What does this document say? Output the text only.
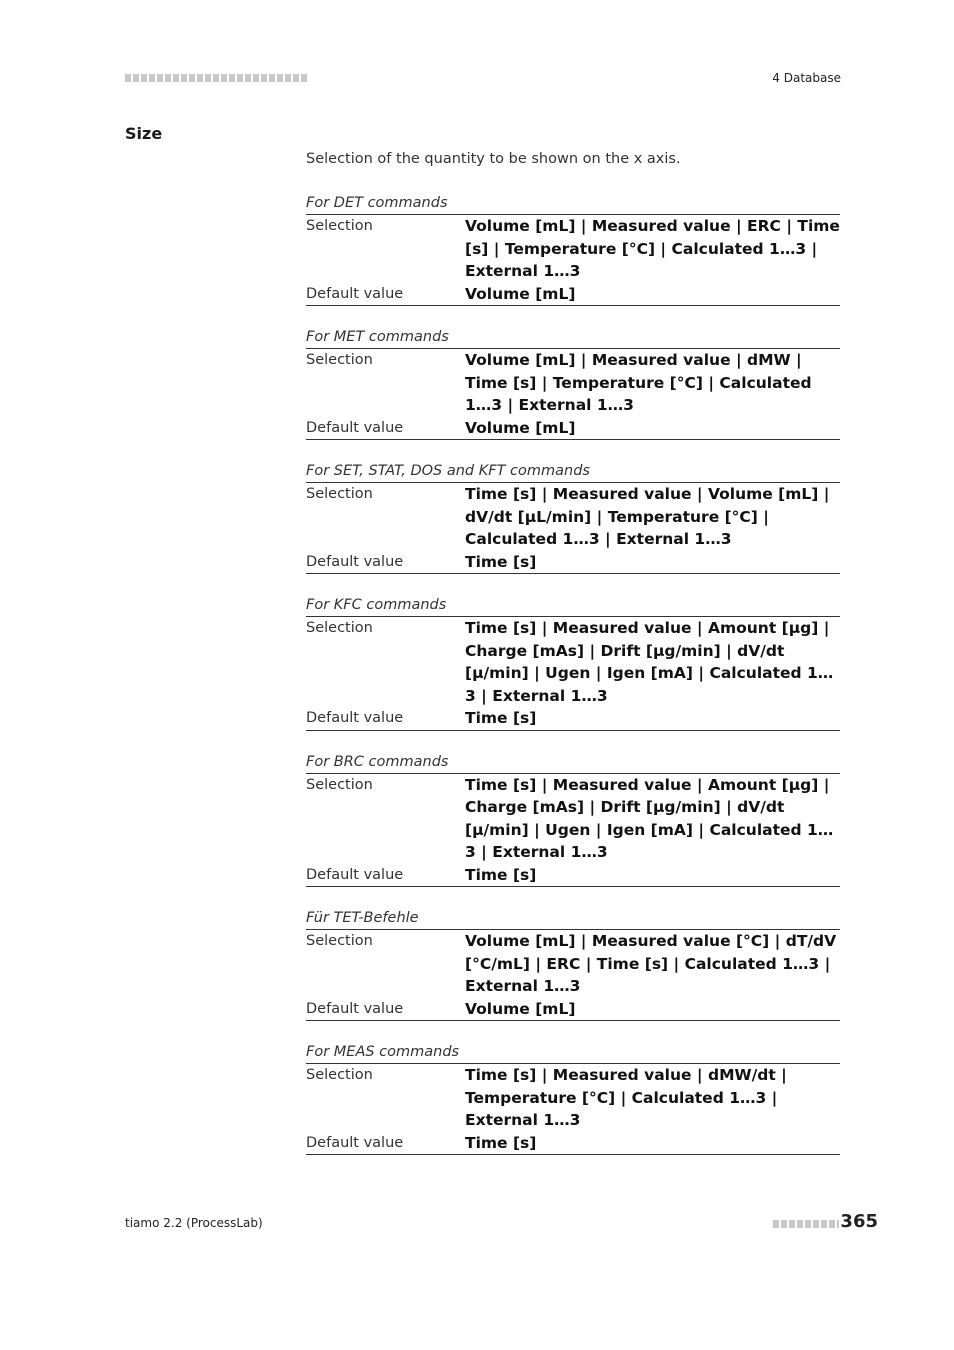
4 Database
Size
Selection of the quantity to be shown on the x axis.
For DET commands
Selection	Volume [mL] | Measured value | ERC | Time [s] | Temperature [°C] | Calculated 1…3 | External 1…3
Default value	Volume [mL]
For MET commands
Selection	Volume [mL] | Measured value | dMW | Time [s] | Temperature [°C] | Calculated 1…3 | External 1…3
Default value	Volume [mL]
For SET, STAT, DOS and KFT commands
Selection	Time [s] | Measured value | Volume [mL] | dV/dt [µL/min] | Temperature [°C] | Calculated 1…3 | External 1…3
Default value	Time [s]
For KFC commands
Selection	Time [s] | Measured value | Amount [µg] | Charge [mAs] | Drift [µg/min] | dV/dt [µ/min] | Ugen | Igen [mA] | Calculated 1…3 | External 1…3
Default value	Time [s]
For BRC commands
Selection	Time [s] | Measured value | Amount [µg] | Charge [mAs] | Drift [µg/min] | dV/dt [µ/min] | Ugen | Igen [mA] | Calculated 1…3 | External 1…3
Default value	Time [s]
Für TET-Befehle
Selection	Volume [mL] | Measured value [°C] | dT/dV [°C/mL] | ERC | Time [s] | Calculated 1…3 | External 1…3
Default value	Volume [mL]
For MEAS commands
Selection	Time [s] | Measured value | dMW/dt | Temperature [°C] | Calculated 1…3 | External 1…3
Default value	Time [s]
tiamo 2.2 (ProcessLab)	365
